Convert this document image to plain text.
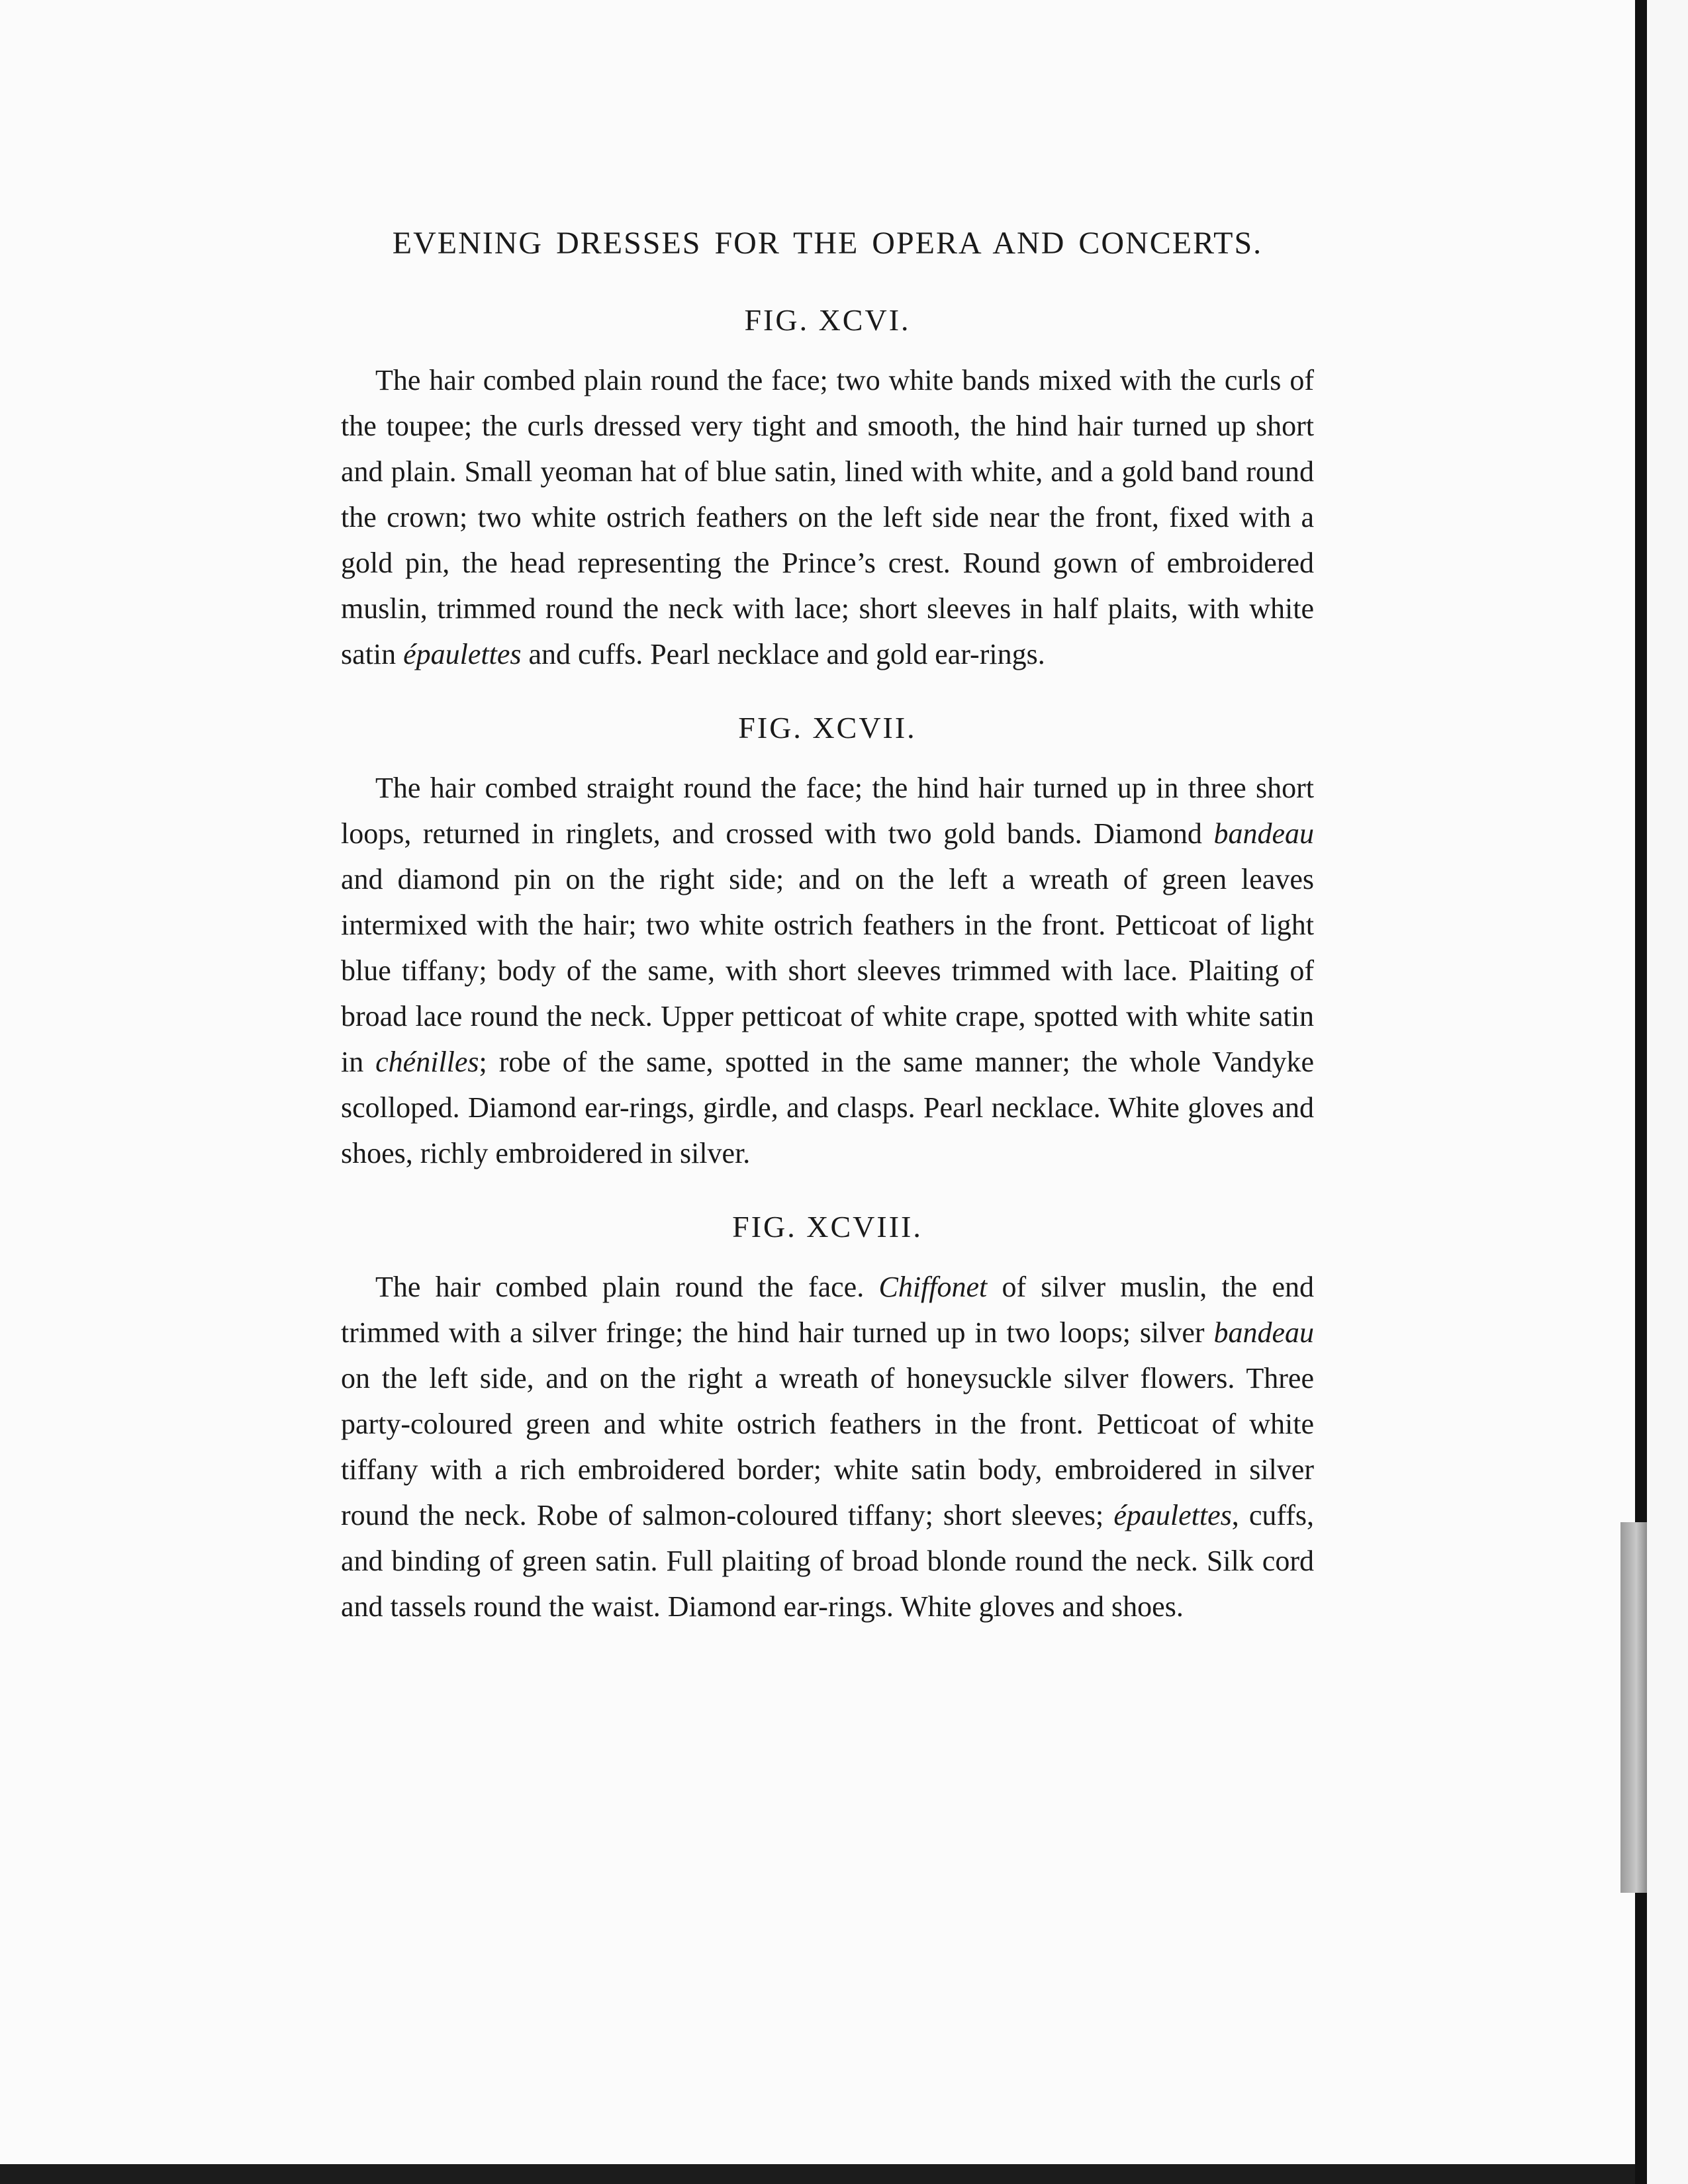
EVENING DRESSES FOR THE OPERA AND CONCERTS.
FIG. XCVI.

The hair combed plain round the face; two white bands mixed with the curls of the toupee; the curls dressed very tight and smooth, the hind hair turned up short and plain. Small yeoman hat of blue satin, lined with white, and a gold band round the crown; two white ostrich feathers on the left side near the front, fixed with a gold pin, the head representing the Prince’s crest. Round gown of embroidered muslin, trimmed round the neck with lace; short sleeves in half plaits, with white satin épaulettes and cuffs. Pearl necklace and gold ear-rings.

FIG. XCVII.

The hair combed straight round the face; the hind hair turned up in three short loops, returned in ringlets, and crossed with two gold bands. Diamond bandeau and diamond pin on the right side; and on the left a wreath of green leaves intermixed with the hair; two white ostrich feathers in the front. Petticoat of light blue tiffany; body of the same, with short sleeves trimmed with lace. Plaiting of broad lace round the neck. Upper petticoat of white crape, spotted with white satin in chénilles; robe of the same, spotted in the same manner; the whole Vandyke scolloped. Diamond ear-rings, girdle, and clasps. Pearl necklace. White gloves and shoes, richly embroidered in silver.

FIG. XCVIII.

The hair combed plain round the face. Chiffonet of silver muslin, the end trimmed with a silver fringe; the hind hair turned up in two loops; silver bandeau on the left side, and on the right a wreath of honeysuckle silver flowers. Three party-coloured green and white ostrich feathers in the front. Petticoat of white tiffany with a rich embroidered border; white satin body, embroidered in silver round the neck. Robe of salmon-coloured tiffany; short sleeves; épaulettes, cuffs, and binding of green satin. Full plaiting of broad blonde round the neck. Silk cord and tassels round the waist. Diamond ear-rings. White gloves and shoes.
